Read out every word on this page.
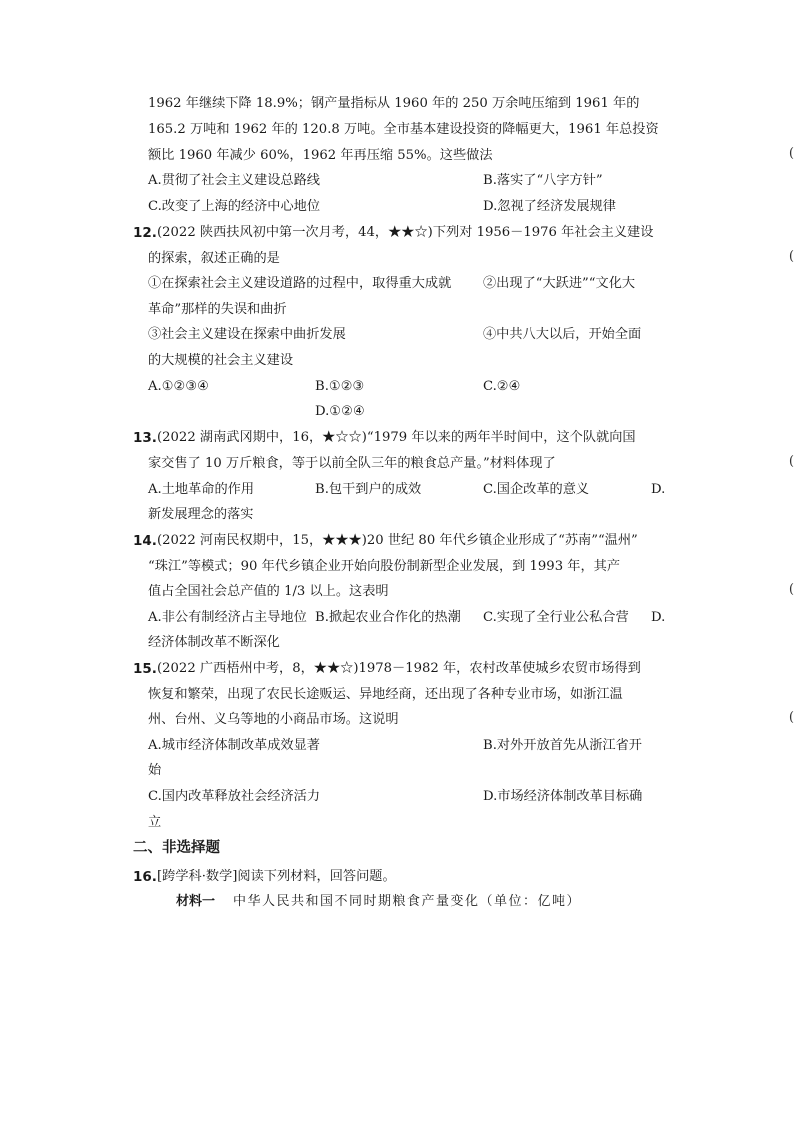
1962 年继续下降 18.9%；钢产量指标从 1960 年的 250 万余吨压缩到 1961 年的
165.2 万吨和 1962 年的 120.8 万吨。全市基本建设投资的降幅更大，1961 年总投资
额比 1960 年减少 60%，1962 年再压缩 55%。这些做法	(
A.贯彻了社会主义建设总路线	B.落实了“八字方针”
C.改变了上海的经济中心地位	D.忽视了经济发展规律
12. (2022 陕西扶风初中第一次月考，44，★★☆)下列对 1956－1976 年社会主义建设
的探索，叙述正确的是	(
①在探索社会主义建设道路的过程中，取得重大成就 ②出现了“大跃进”“文化大
革命”那样的失误和曲折
③社会主义建设在探索中曲折发展	④中共八大以后，开始全面
的大规模的社会主义建设
A.①②③④	B.①②③	C.②④
D.①②④
13. (2022 湖南武冈期中，16，★☆☆)“1979 年以来的两年半时间中，这个队就向国
家交售了 10 万斤粮食，等于以前全队三年的粮食总产量。”材料体现了	(
A.土地革命的作用	B.包干到户的成效	C.国企改革的意义	D.
新发展理念的落实
14. (2022 河南民权期中，15，★★★)20 世纪 80 年代乡镇企业形成了“苏南”“温州”
“珠江”等模式；90 年代乡镇企业开始向股份制新型企业发展，到 1993 年，其产
值占全国社会总产值的 1/3 以上。这表明	(
A.非公有制经济占主导地位 B.掀起农业合作化的热潮 C.实现了全行业公私合营 D.
经济体制改革不断深化
15. (2022 广西梧州中考，8，★★☆)1978－1982 年，农村改革使城乡农贸市场得到
恢复和繁荣，出现了农民长途贩运、异地经商，还出现了各种专业市场，如浙江温
州、台州、义乌等地的小商品市场。这说明	(
A.城市经济体制改革成效显著	B.对外开放首先从浙江省开
始
C.国内改革释放社会经济活力	D.市场经济体制改革目标确
立
二、非选择题
16. [跨学科·数学]阅读下列材料，回答问题。
材料一 中华人民共和国不同时期粮食产量变化（单位：亿吨）
